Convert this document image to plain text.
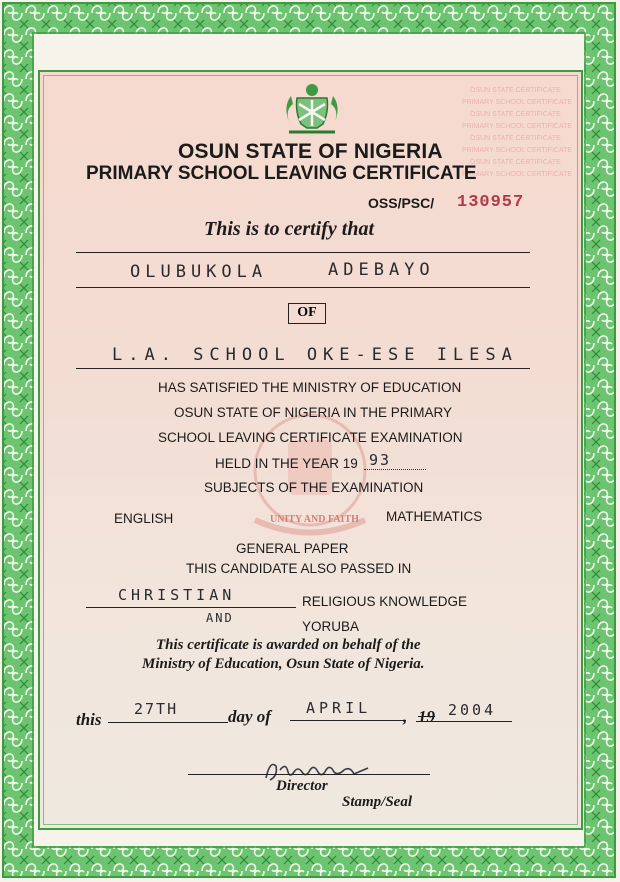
OSUN STATE CERTIFICATE
PRIMARY SCHOOL CERTIFICATE
OSUN STATE CERTIFICATE
PRIMARY SCHOOL CERTIFICATE
OSUN STATE CERTIFICATE
PRIMARY SCHOOL CERTIFICATE
OSUN STATE CERTIFICATE
PRIMARY SCHOOL CERTIFICATE
UNITY AND FAITH
OSUN STATE OF NIGERIA
PRIMARY SCHOOL LEAVING CERTIFICATE
OSS/PSC/ 130957
This is to certify that
OLUBUKOLA	ADEBAYO
OF
L.A. SCHOOL OKE-ESE ILESA
HAS SATISFIED THE MINISTRY OF EDUCATION
OSUN STATE OF NIGERIA IN THE PRIMARY
SCHOOL LEAVING CERTIFICATE EXAMINATION
HELD IN THE YEAR 19 93
SUBJECTS OF THE EXAMINATION
ENGLISH	MATHEMATICS
GENERAL PAPER
THIS CANDIDATE ALSO PASSED IN
CHRISTIAN	RELIGIOUS KNOWLEDGE
AND
YORUBA
This certificate is awarded on behalf of the
Ministry of Education, Osun State of Nigeria.
this
27TH	day of APRIL , 19 2004
Director
Stamp/Seal
